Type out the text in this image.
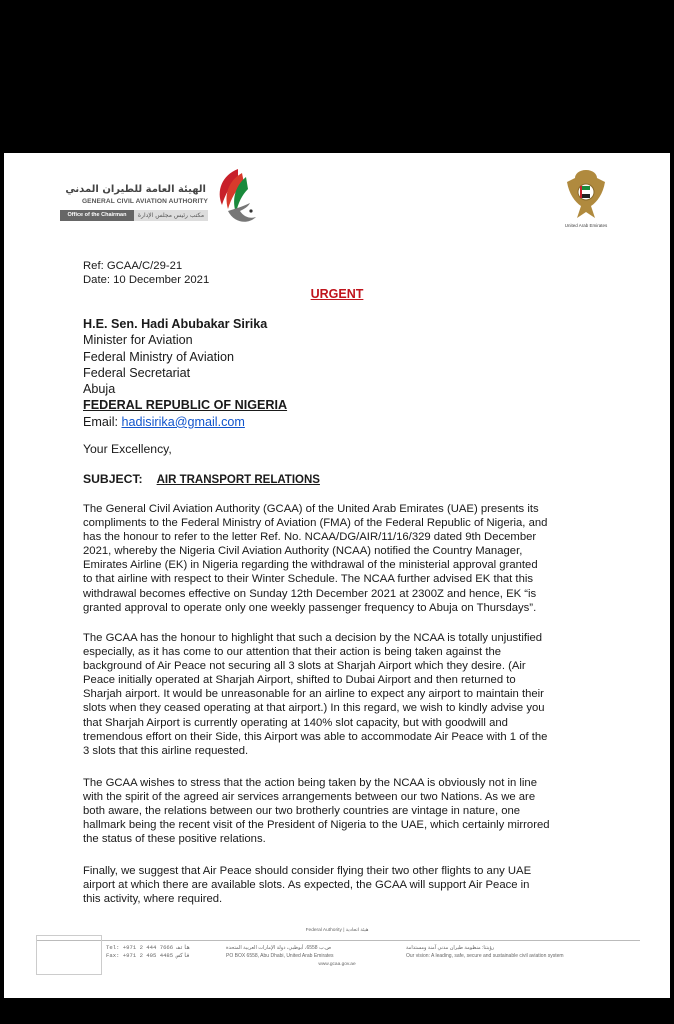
الهيئة العامة للطيران المدني
GENERAL CIVIL AVIATION AUTHORITY
Office of the Chairman	مكتب رئيس مجلس الإدارة
United Arab Emirates
Ref: GCAA/C/29-21
Date: 10 December 2021
URGENT
H.E. Sen. Hadi Abubakar Sirika
Minister for Aviation
Federal Ministry of Aviation
Federal Secretariat
Abuja
FEDERAL REPUBLIC OF NIGERIA
Email: hadisirika@gmail.com
Your Excellency,
SUBJECT: AIR TRANSPORT RELATIONS
The General Civil Aviation Authority (GCAA) of the United Arab Emirates (UAE) presents its
compliments to the Federal Ministry of Aviation (FMA) of the Federal Republic of Nigeria, and
has the honour to refer to the letter Ref. No. NCAA/DG/AIR/11/16/329 dated 9th December
2021, whereby the Nigeria Civil Aviation Authority (NCAA) notified the Country Manager,
Emirates Airline (EK) in Nigeria regarding the withdrawal of the ministerial approval granted
to that airline with respect to their Winter Schedule. The NCAA further advised EK that this
withdrawal becomes effective on Sunday 12th December 2021 at 2300Z and hence, EK “is
granted approval to operate only one weekly passenger frequency to Abuja on Thursdays”.
The GCAA has the honour to highlight that such a decision by the NCAA is totally unjustified
especially, as it has come to our attention that their action is being taken against the
background of Air Peace not securing all 3 slots at Sharjah Airport which they desire. (Air
Peace initially operated at Sharjah Airport, shifted to Dubai Airport and then returned to
Sharjah airport. It would be unreasonable for an airline to expect any airport to maintain their
slots when they ceased operating at that airport.) In this regard, we wish to kindly advise you
that Sharjah Airport is currently operating at 140% slot capacity, but with goodwill and
tremendous effort on their Side, this Airport was able to accommodate Air Peace with 1 of the
3 slots that this airline requested.
The GCAA wishes to stress that the action being taken by the NCAA is obviously not in line
with the spirit of the agreed air services arrangements between our two Nations. As we are
both aware, the relations between our two brotherly countries are vintage in nature, one
hallmark being the recent visit of the President of Nigeria to the UAE, which certainly mirrored
the status of these positive relations.
Finally, we suggest that Air Peace should consider flying their two other flights to any UAE
airport at which there are available slots. As expected, the GCAA will support Air Peace in
this activity, where required.
Federal Authority | هيئة اتحادية
Tel: +971 2 444 7666 هاتف
Fax: +971 2 405 4485 فاكس
ص.ب 6558، أبوظبي، دولة الإمارات العربية المتحدة
PO BOX 6558, Abu Dhabi, United Arab Emirates
رؤيتنا: منظومة طيران مدني آمنة ومستدامة
Our vision: A leading, safe, secure and sustainable civil aviation system
www.gcaa.gov.ae
